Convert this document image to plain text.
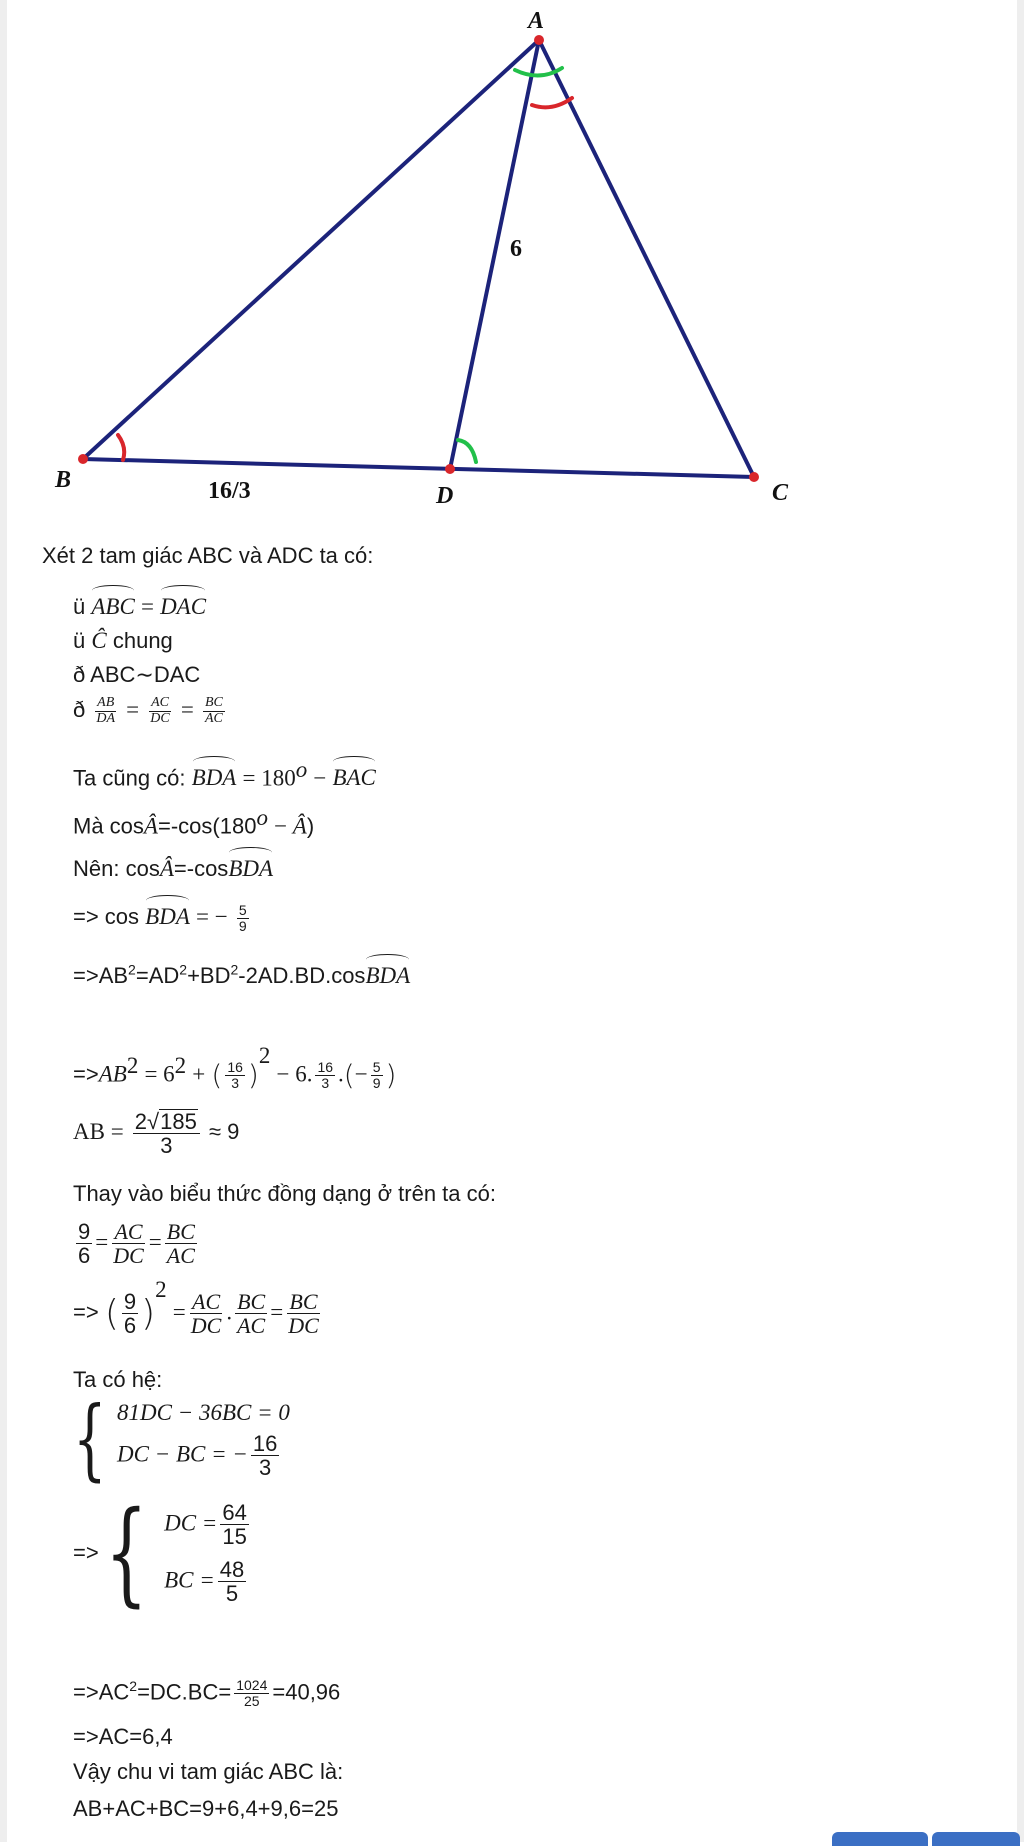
A
B	C
D
6
16/3
Xét 2 tam giác ABC và ADC ta có:
ü ABC = DAC
ü Ĉ chung
ð ABC∼DAC
ð $\frac{AB}{DA} = \frac{AC}{DC} = \frac{BC}{AC}$
Ta cũng có: BDA = $180^o$ − BAC
Mà $\cos Â=-\cos(180^o$ − Â)
Nên: cosÂ=-cosBDA
=> cos BDA = − $\frac{5}{9}$
$=>AB^2=AD^2+BD^2-2AD.BD.cosBDA$
$=>AB^2 = 6^2$ + ( $\frac{16}{3} )^2 - 6$. $\frac{16}{3}$ .(− $\frac{5}{9}$ )
AB = $\frac{2√185}{3} \approx 9$
Thay vào biểu thức đồng dạng ở trên ta có:
$\frac{9}{6} = \frac{AC}{DC} = \frac{BC}{AC}$
=> ( $\frac{9}{6} )^2 = \frac{AC}{DC}$ . $\frac{BC}{AC} = \frac{BC}{DC}$
Ta có hệ:
{ 81DC − 36BC = 0
DC − BC = − $\frac{16}{3}$
=> { DC = $\frac{64}{15}$
BC = $\frac{48}{5}$
$=>AC^2=DC.BC= \frac{1024}{25} =40,96$
=>AC=6,4
Vậy chu vi tam giác ABC là:
AB+AC+BC=9+6,4+9,6=25
